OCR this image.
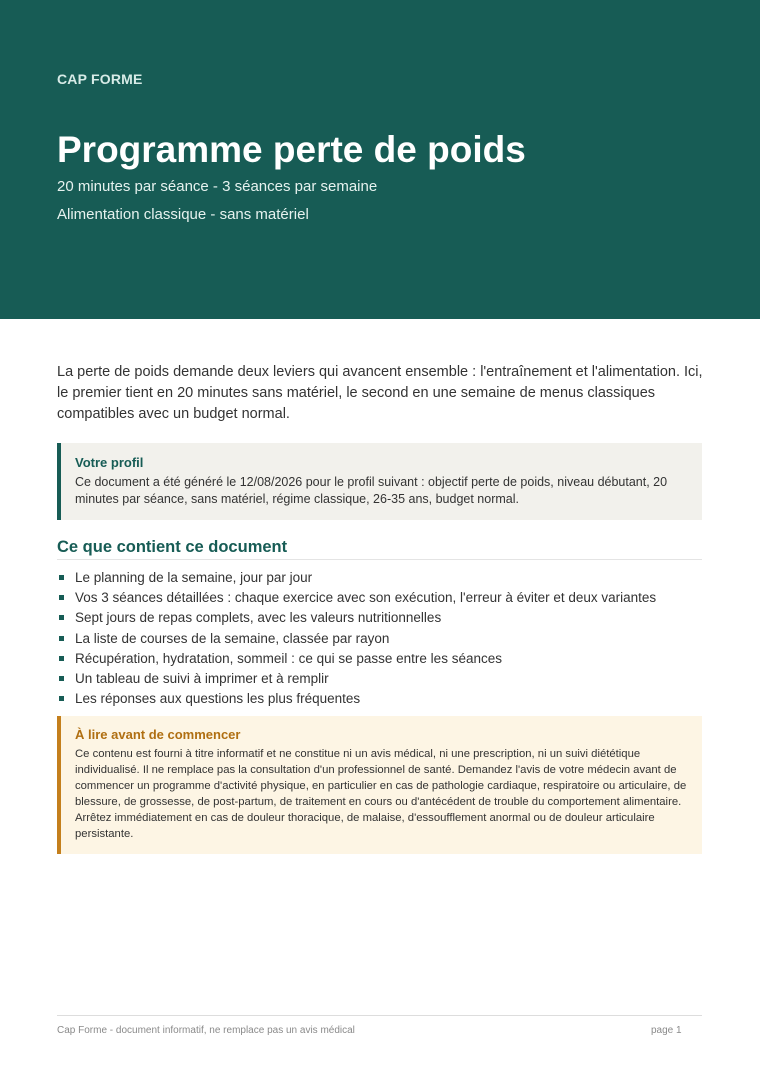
CAP FORME
Programme perte de poids
20 minutes par séance - 3 séances par semaine
Alimentation classique - sans matériel

La perte de poids demande deux leviers qui avancent ensemble : l'entraînement et l'alimentation. Ici, le premier tient en 20 minutes sans matériel, le second en une semaine de menus classiques compatibles avec un budget normal.

Votre profil
Ce document a été généré le 12/08/2026 pour le profil suivant : objectif perte de poids, niveau débutant, 20 minutes par séance, sans matériel, régime classique, 26-35 ans, budget normal.
Ce que contient ce document
Le planning de la semaine, jour par jour
Vos 3 séances détaillées : chaque exercice avec son exécution, l'erreur à éviter et deux variantes
Sept jours de repas complets, avec les valeurs nutritionnelles
La liste de courses de la semaine, classée par rayon
Récupération, hydratation, sommeil : ce qui se passe entre les séances
Un tableau de suivi à imprimer et à remplir
Les réponses aux questions les plus fréquentes
À lire avant de commencer
Ce contenu est fourni à titre informatif et ne constitue ni un avis médical, ni une prescription, ni un suivi diététique individualisé. Il ne remplace pas la consultation d'un professionnel de santé. Demandez l'avis de votre médecin avant de commencer un programme d'activité physique, en particulier en cas de pathologie cardiaque, respiratoire ou articulaire, de blessure, de grossesse, de post-partum, de traitement en cours ou d'antécédent de trouble du comportement alimentaire. Arrêtez immédiatement en cas de douleur thoracique, de malaise, d'essoufflement anormal ou de douleur articulaire persistante.
Cap Forme - document informatif, ne remplace pas un avis médical	page 1
